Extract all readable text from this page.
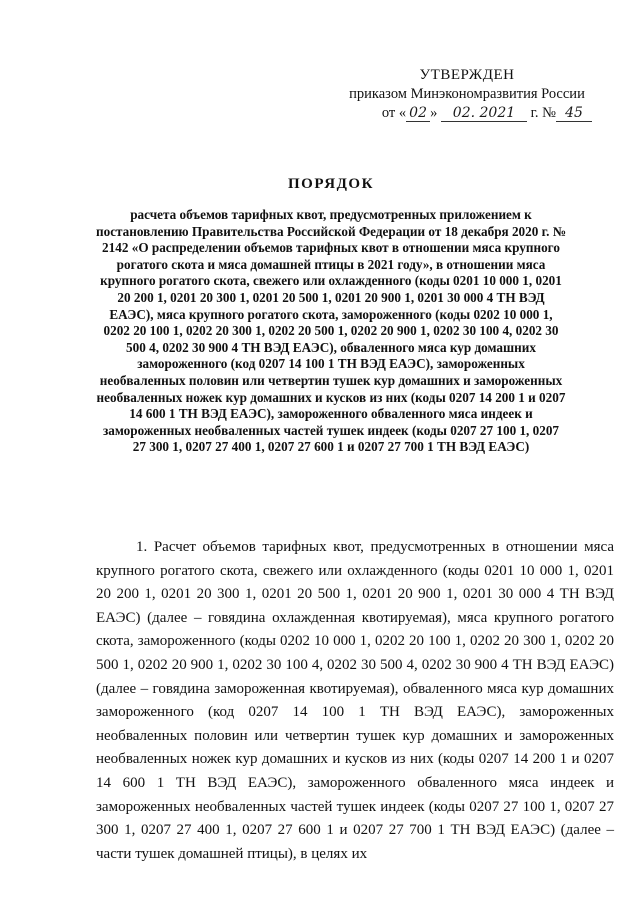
УТВЕРЖДЕН
приказом Минэкономразвития России
от « 02 » 02. 2021 г. № 45
ПОРЯДОК

расчета объемов тарифных квот, предусмотренных приложением к постановлению Правительства Российской Федерации от 18 декабря 2020 г. № 2142 «О распределении объемов тарифных квот в отношении мяса крупного рогатого скота и мяса домашней птицы в 2021 году», в отношении мяса крупного рогатого скота, свежего или охлажденного (коды 0201 10 000 1, 0201 20 200 1, 0201 20 300 1, 0201 20 500 1, 0201 20 900 1, 0201 30 000 4 ТН ВЭД ЕАЭС), мяса крупного рогатого скота, замороженного (коды 0202 10 000 1, 0202 20 100 1, 0202 20 300 1, 0202 20 500 1, 0202 20 900 1, 0202 30 100 4, 0202 30 500 4, 0202 30 900 4 ТН ВЭД ЕАЭС), обваленного мяса кур домашних замороженного (код 0207 14 100 1 ТН ВЭД ЕАЭС), замороженных необваленных половин или четвертин тушек кур домашних и замороженных необваленных ножек кур домашних и кусков из них (коды 0207 14 200 1 и 0207 14 600 1 ТН ВЭД ЕАЭС), замороженного обваленного мяса индеек и замороженных необваленных частей тушек индеек (коды 0207 27 100 1, 0207 27 300 1, 0207 27 400 1, 0207 27 600 1 и 0207 27 700 1 ТН ВЭД ЕАЭС)

1. Расчет объемов тарифных квот, предусмотренных в отношении мяса крупного рогатого скота, свежего или охлажденного (коды 0201 10 000 1, 0201 20 200 1, 0201 20 300 1, 0201 20 500 1, 0201 20 900 1, 0201 30 000 4 ТН ВЭД ЕАЭС) (далее – говядина охлажденная квотируемая), мяса крупного рогатого скота, замороженного (коды 0202 10 000 1, 0202 20 100 1, 0202 20 300 1, 0202 20 500 1, 0202 20 900 1, 0202 30 100 4, 0202 30 500 4, 0202 30 900 4 ТН ВЭД ЕАЭС) (далее – говядина замороженная квотируемая), обваленного мяса кур домашних замороженного (код 0207 14 100 1 ТН ВЭД ЕАЭС), замороженных необваленных половин или четвертин тушек кур домашних и замороженных необваленных ножек кур домашних и кусков из них (коды 0207 14 200 1 и 0207 14 600 1 ТН ВЭД ЕАЭС), замороженного обваленного мяса индеек и замороженных необваленных частей тушек индеек (коды 0207 27 100 1, 0207 27 300 1, 0207 27 400 1, 0207 27 600 1 и 0207 27 700 1 ТН ВЭД ЕАЭС) (далее – части тушек домашней птицы), в целях их
